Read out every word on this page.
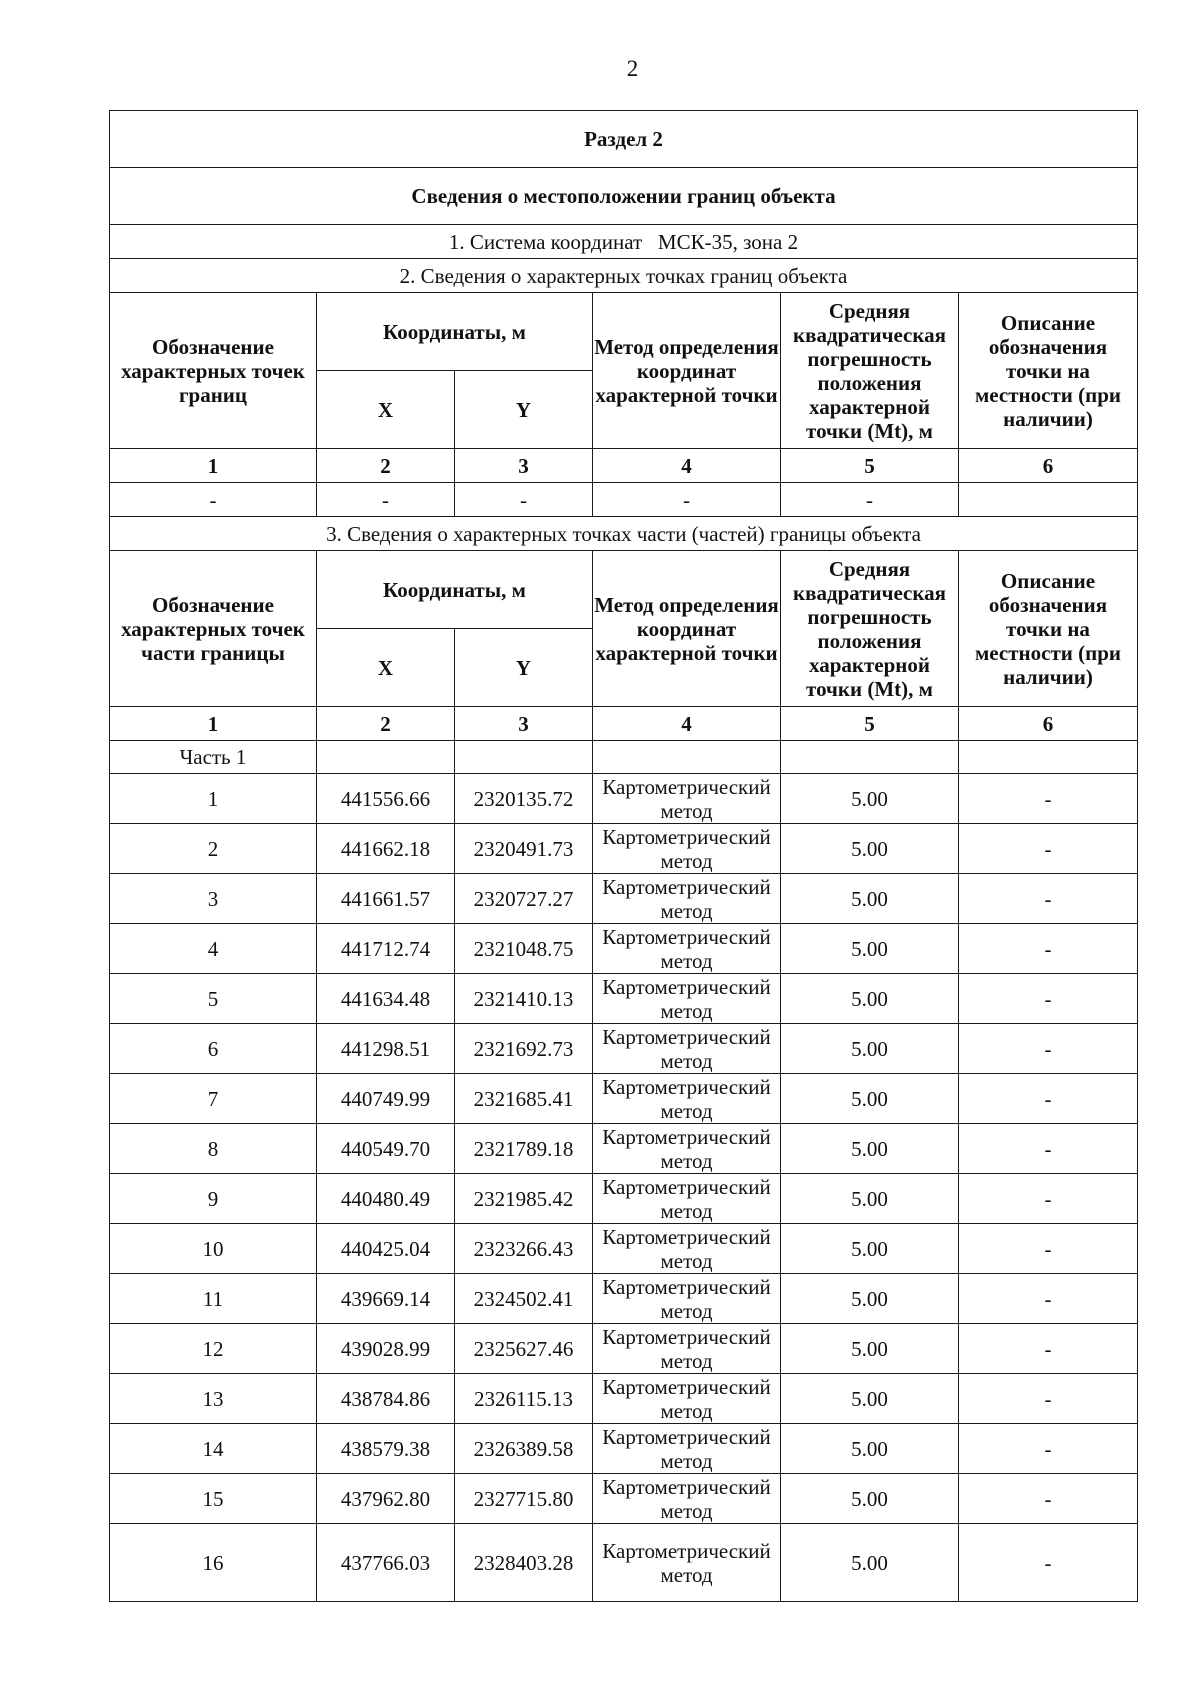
2
Раздел 2					
Сведения о местоположении границ объекта					
1. Система координат МСК-35, зона 2					
2. Сведения о характерных точках границ объекта					
Обозначение характерных точек границ	Координаты, м		Метод определения координат характерной точки	Средняя квадратическая погрешность положения характерной точки (Mt), м	Описание обозначения точки на местности (при наличии)
	X	Y			
1	2	3	4	5	6
-	-	-	-	-	
3. Сведения о характерных точках части (частей) границы объекта					
Обозначение характерных точек части границы	Координаты, м		Метод определения координат характерной точки	Средняя квадратическая погрешность положения характерной точки (Mt), м	Описание обозначения точки на местности (при наличии)
	X	Y			
1	2	3	4	5	6
Часть 1					
1	441556.66	2320135.72	Картометрический метод	5.00	-
2	441662.18	2320491.73	Картометрический метод	5.00	-
3	441661.57	2320727.27	Картометрический метод	5.00	-
4	441712.74	2321048.75	Картометрический метод	5.00	-
5	441634.48	2321410.13	Картометрический метод	5.00	-
6	441298.51	2321692.73	Картометрический метод	5.00	-
7	440749.99	2321685.41	Картометрический метод	5.00	-
8	440549.70	2321789.18	Картометрический метод	5.00	-
9	440480.49	2321985.42	Картометрический метод	5.00	-
10	440425.04	2323266.43	Картометрический метод	5.00	-
11	439669.14	2324502.41	Картометрический метод	5.00	-
12	439028.99	2325627.46	Картометрический метод	5.00	-
13	438784.86	2326115.13	Картометрический метод	5.00	-
14	438579.38	2326389.58	Картометрический метод	5.00	-
15	437962.80	2327715.80	Картометрический метод	5.00	-
16	437766.03	2328403.28	Картометрический метод	5.00	-
